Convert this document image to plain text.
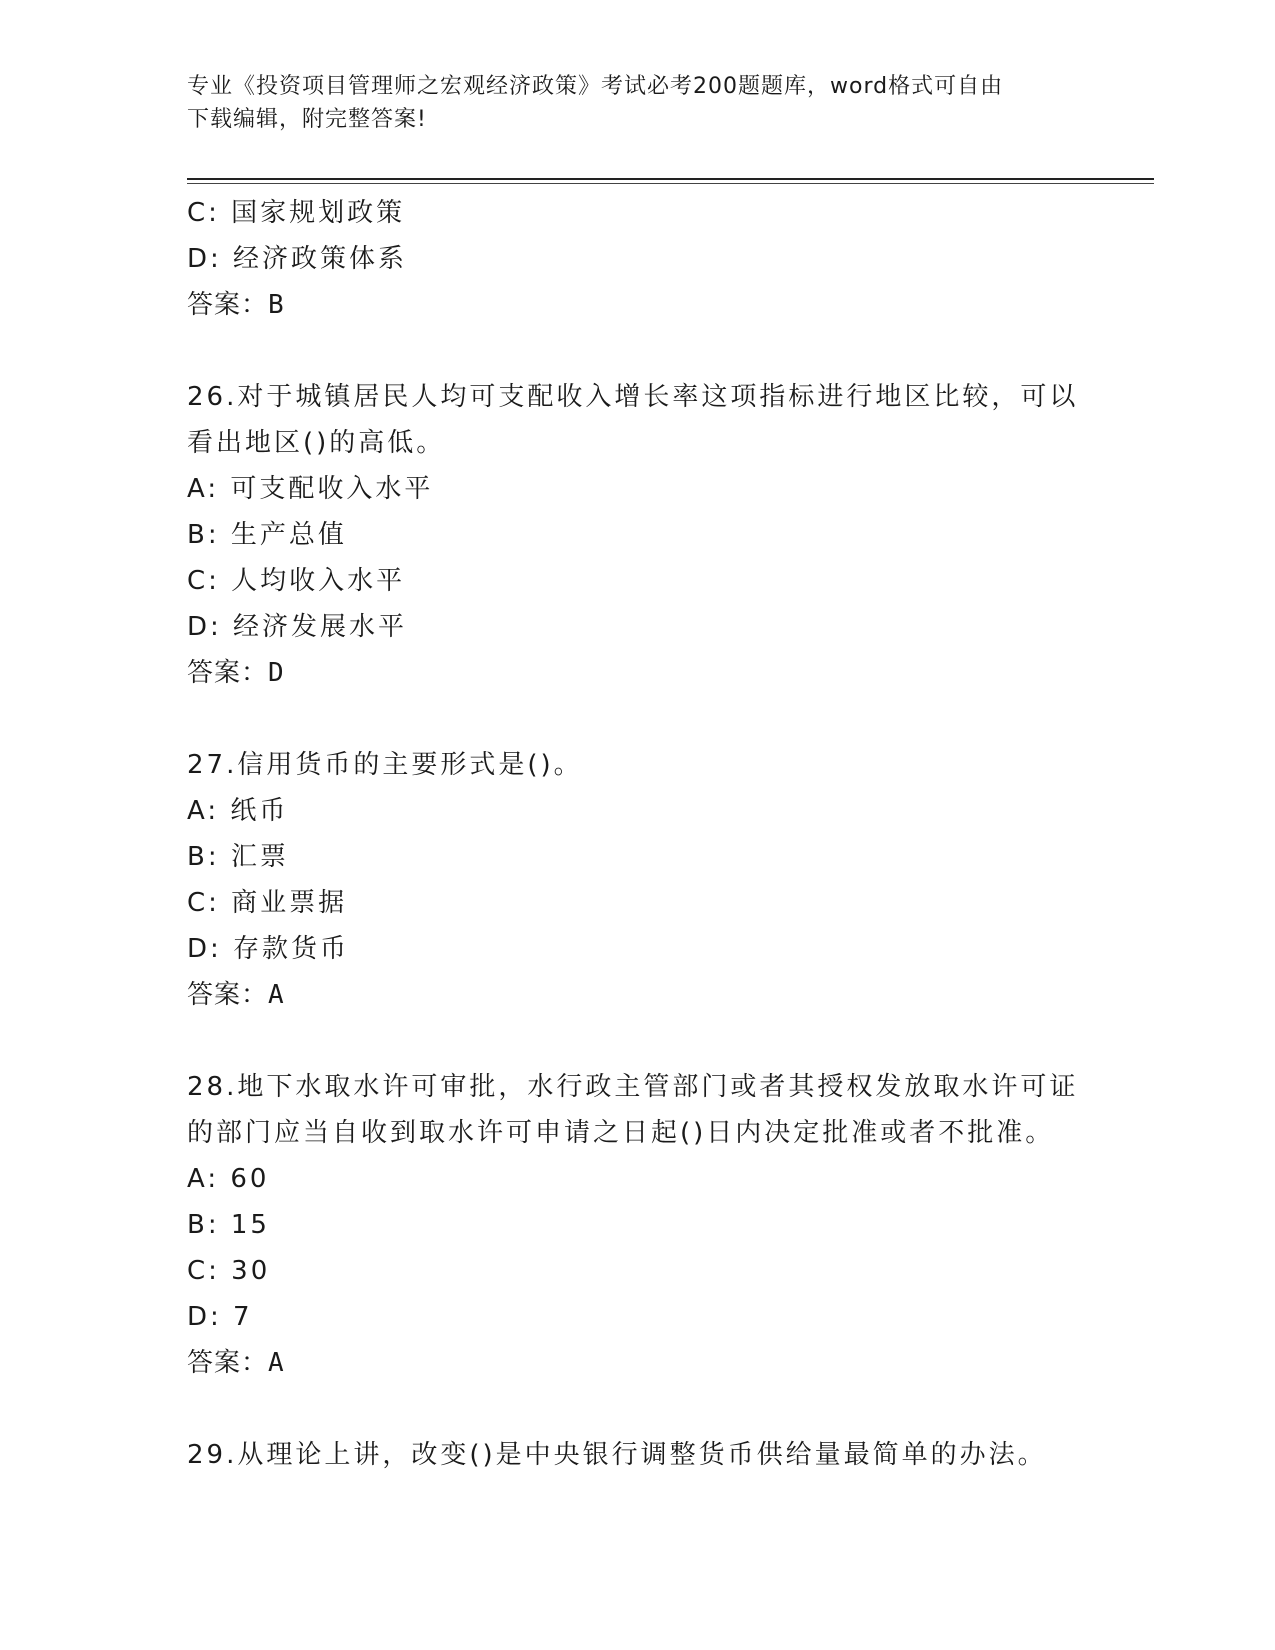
专业《投资项目管理师之宏观经济政策》考试必考200题题库，word格式可自由
下载编辑，附完整答案!
C: 国家规划政策
D: 经济政策体系
答案：B
26.对于城镇居民人均可支配收入增长率这项指标进行地区比较，可以
看出地区()的高低。
A: 可支配收入水平
B: 生产总值
C: 人均收入水平
D: 经济发展水平
答案：D
27.信用货币的主要形式是()。
A: 纸币
B: 汇票
C: 商业票据
D: 存款货币
答案：A
28.地下水取水许可审批，水行政主管部门或者其授权发放取水许可证
的部门应当自收到取水许可申请之日起()日内决定批准或者不批准。
A: 60
B: 15
C: 30
D: 7
答案：A
29.从理论上讲，改变()是中央银行调整货币供给量最简单的办法。
